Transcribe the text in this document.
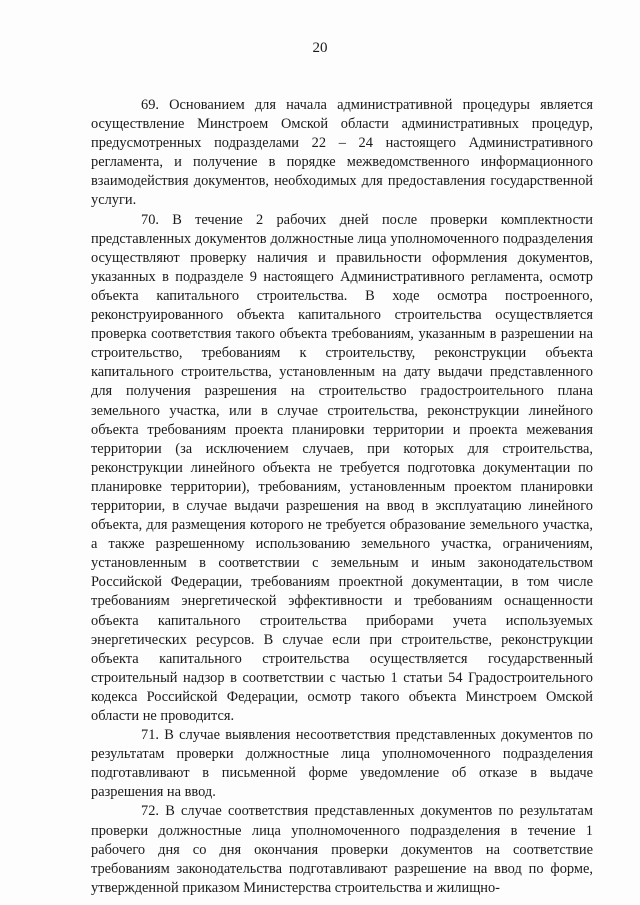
20

69. Основанием для начала административной процедуры является осуществление Минстроем Омской области административных процедур, предусмотренных подразделами 22 – 24 настоящего Административного регламента, и получение в порядке межведомственного информационного взаимодействия документов, необходимых для предоставления государственной услуги.

70. В течение 2 рабочих дней после проверки комплектности представленных документов должностные лица уполномоченного подразделения осуществляют проверку наличия и правильности оформления документов, указанных в подразделе 9 настоящего Административного регламента, осмотр объекта капитального строительства. В ходе осмотра построенного, реконструированного объекта капитального строительства осуществляется проверка соответствия такого объекта требованиям, указанным в разрешении на строительство, требованиям к строительству, реконструкции объекта капитального строительства, установленным на дату выдачи представленного для получения разрешения на строительство градостроительного плана земельного участка, или в случае строительства, реконструкции линейного объекта требованиям проекта планировки территории и проекта межевания территории (за исключением случаев, при которых для строительства, реконструкции линейного объекта не требуется подготовка документации по планировке территории), требованиям, установленным проектом планировки территории, в случае выдачи разрешения на ввод в эксплуатацию линейного объекта, для размещения которого не требуется образование земельного участка, а также разрешенному использованию земельного участка, ограничениям, установленным в соответствии с земельным и иным законодательством Российской Федерации, требованиям проектной документации, в том числе требованиям энергетической эффективности и требованиям оснащенности объекта капитального строительства приборами учета используемых энергетических ресурсов. В случае если при строительстве, реконструкции объекта капитального строительства осуществляется государственный строительный надзор в соответствии с частью 1 статьи 54 Градостроительного кодекса Российской Федерации, осмотр такого объекта Минстроем Омской области не проводится.

71. В случае выявления несоответствия представленных документов по результатам проверки должностные лица уполномоченного подразделения подготавливают в письменной форме уведомление об отказе в выдаче разрешения на ввод.

72. В случае соответствия представленных документов по результатам проверки должностные лица уполномоченного подразделения в течение 1 рабочего дня со дня окончания проверки документов на соответствие требованиям законодательства подготавливают разрешение на ввод по форме, утвержденной приказом Министерства строительства и жилищно-
